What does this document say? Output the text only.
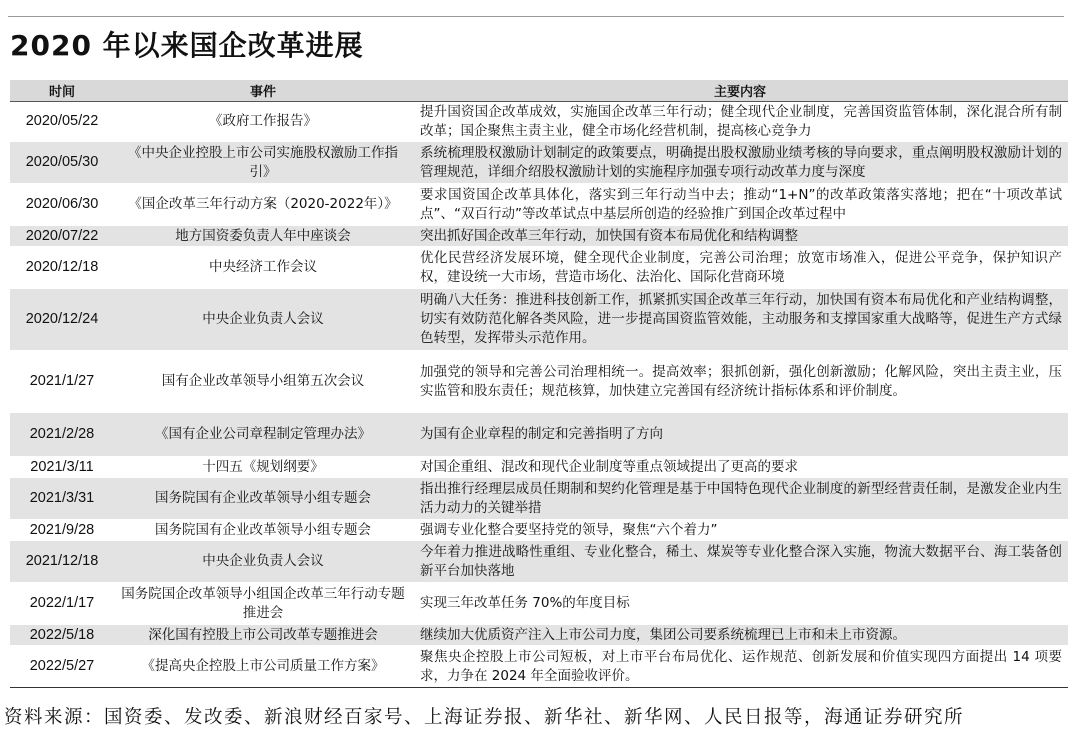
2020 年以来国企改革进展
时间	事件	主要内容
2020/05/22	《政府工作报告》	提升国资国企改革成效，实施国企改革三年行动；健全现代企业制度，完善国资监管体制，深化混合所有制改革；国企聚焦主责主业，健全市场化经营机制，提高核心竞争力
2020/05/30	《中央企业控股上市公司实施股权激励工作指引》	系统梳理股权激励计划制定的政策要点，明确提出股权激励业绩考核的导向要求，重点阐明股权激励计划的管理规范，详细介绍股权激励计划的实施程序加强专项行动改革力度与深度
2020/06/30	《国企改革三年行动方案（2020-2022年）》	要求国资国企改革具体化，落实到三年行动当中去；推动“1+N”的改革政策落实落地；把在“十项改革试点”、“双百行动”等改革试点中基层所创造的经验推广到国企改革过程中
2020/07/22	地方国资委负责人年中座谈会	突出抓好国企改革三年行动，加快国有资本布局优化和结构调整
2020/12/18	中央经济工作会议	优化民营经济发展环境，健全现代企业制度，完善公司治理；放宽市场准入，促进公平竞争，保护知识产权，建设统一大市场，营造市场化、法治化、国际化营商环境
2020/12/24	中央企业负责人会议	明确八大任务：推进科技创新工作，抓紧抓实国企改革三年行动，加快国有资本布局优化和产业结构调整，切实有效防范化解各类风险，进一步提高国资监管效能，主动服务和支撑国家重大战略等，促进生产方式绿色转型，发挥带头示范作用。
2021/1/27	国有企业改革领导小组第五次会议	加强党的领导和完善公司治理相统一。提高效率；狠抓创新，强化创新激励；化解风险，突出主责主业，压实监管和股东责任；规范核算，加快建立完善国有经济统计指标体系和评价制度。
2021/2/28	《国有企业公司章程制定管理办法》	为国有企业章程的制定和完善指明了方向
2021/3/11	十四五《规划纲要》	对国企重组、混改和现代企业制度等重点领域提出了更高的要求
2021/3/31	国务院国有企业改革领导小组专题会	指出推行经理层成员任期制和契约化管理是基于中国特色现代企业制度的新型经营责任制，是激发企业内生活力动力的关键举措
2021/9/28	国务院国有企业改革领导小组专题会	强调专业化整合要坚持党的领导，聚焦“六个着力”
2021/12/18	中央企业负责人会议	今年着力推进战略性重组、专业化整合，稀土、煤炭等专业化整合深入实施，物流大数据平台、海工装备创新平台加快落地
2022/1/17	国务院国企改革领导小组国企改革三年行动专题推进会	实现三年改革任务 70%的年度目标
2022/5/18	深化国有控股上市公司改革专题推进会	继续加大优质资产注入上市公司力度，集团公司要系统梳理已上市和未上市资源。
2022/5/27	《提高央企控股上市公司质量工作方案》	聚焦央企控股上市公司短板，对上市平台布局优化、运作规范、创新发展和价值实现四方面提出 14 项要求，力争在 2024 年全面验收评价。

资料来源：国资委、发改委、新浪财经百家号、上海证券报、新华社、新华网、人民日报等，海通证券研究所
